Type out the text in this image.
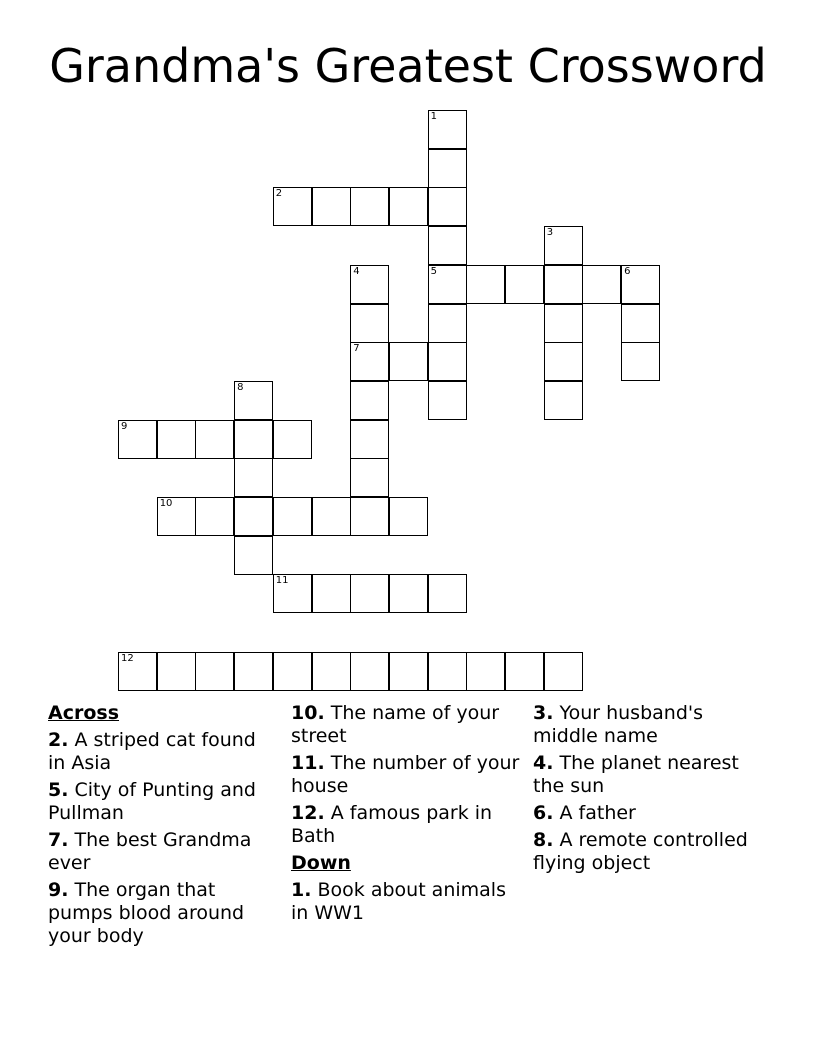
Grandma's Greatest Crossword
1
5
2
3
4
7
6
8
9
10
11
12
Across
2. A striped cat found in Asia
5. City of Punting and Pullman
7. The best Grandma ever
9. The organ that pumps blood around your body
10. The name of your street
11. The number of your house
12. A famous park in Bath
Down
1. Book about animals in WW1
3. Your husband's middle name
4. The planet nearest the sun
6. A father
8. A remote controlled flying object
